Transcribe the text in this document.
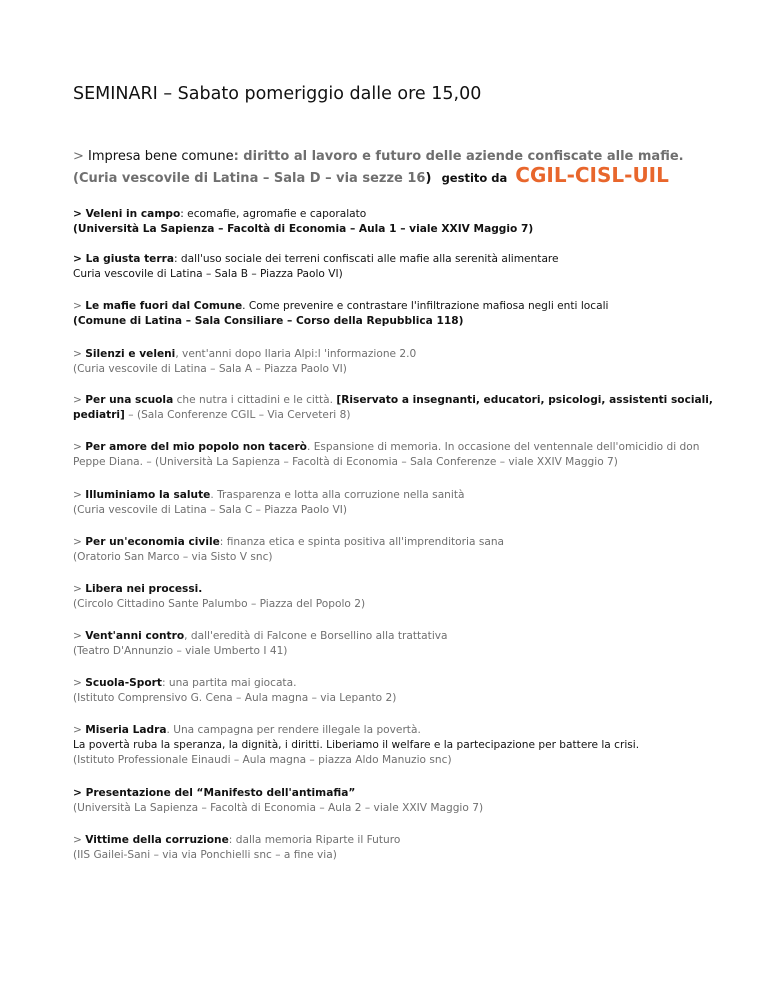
SEMINARI – Sabato pomeriggio dalle ore 15,00
> Impresa bene comune: diritto al lavoro e futuro delle aziende confiscate alle mafie.
(Curia vescovile di Latina – Sala D – via sezze 16) gestito da CGIL-CISL-UIL
> Veleni in campo: ecomafie, agromafie e caporalato
(Università La Sapienza – Facoltà di Economia – Aula 1 – viale XXIV Maggio 7)
> La giusta terra: dall'uso sociale dei terreni confiscati alle mafie alla serenità alimentare
Curia vescovile di Latina – Sala B – Piazza Paolo VI)
> Le mafie fuori dal Comune. Come prevenire e contrastare l'infiltrazione mafiosa negli enti locali
(Comune di Latina – Sala Consiliare – Corso della Repubblica 118)
> Silenzi e veleni, vent'anni dopo Ilaria Alpi:l 'informazione 2.0
(Curia vescovile di Latina – Sala A – Piazza Paolo VI)
> Per una scuola che nutra i cittadini e le città. [Riservato a insegnanti, educatori, psicologi, assistenti sociali,
pediatri] – (Sala Conferenze CGIL – Via Cerveteri 8)
> Per amore del mio popolo non tacerò. Espansione di memoria. In occasione del ventennale dell'omicidio di don
Peppe Diana. – (Università La Sapienza – Facoltà di Economia – Sala Conferenze – viale XXIV Maggio 7)
> Illuminiamo la salute. Trasparenza e lotta alla corruzione nella sanità
(Curia vescovile di Latina – Sala C – Piazza Paolo VI)
> Per un'economia civile: finanza etica e spinta positiva all'imprenditoria sana
(Oratorio San Marco – via Sisto V snc)
> Libera nei processi.
(Circolo Cittadino Sante Palumbo – Piazza del Popolo 2)
> Vent'anni contro, dall'eredità di Falcone e Borsellino alla trattativa
(Teatro D'Annunzio – viale Umberto I 41)
> Scuola-Sport: una partita mai giocata.
(Istituto Comprensivo G. Cena – Aula magna – via Lepanto 2)
> Miseria Ladra. Una campagna per rendere illegale la povertà.
La povertà ruba la speranza, la dignità, i diritti. Liberiamo il welfare e la partecipazione per battere la crisi.
(Istituto Professionale Einaudi – Aula magna – piazza Aldo Manuzio snc)
> Presentazione del “Manifesto dell'antimafia”
(Università La Sapienza – Facoltà di Economia – Aula 2 – viale XXIV Maggio 7)
> Vittime della corruzione: dalla memoria Riparte il Futuro
(IIS Gailei-Sani – via via Ponchielli snc – a fine via)
